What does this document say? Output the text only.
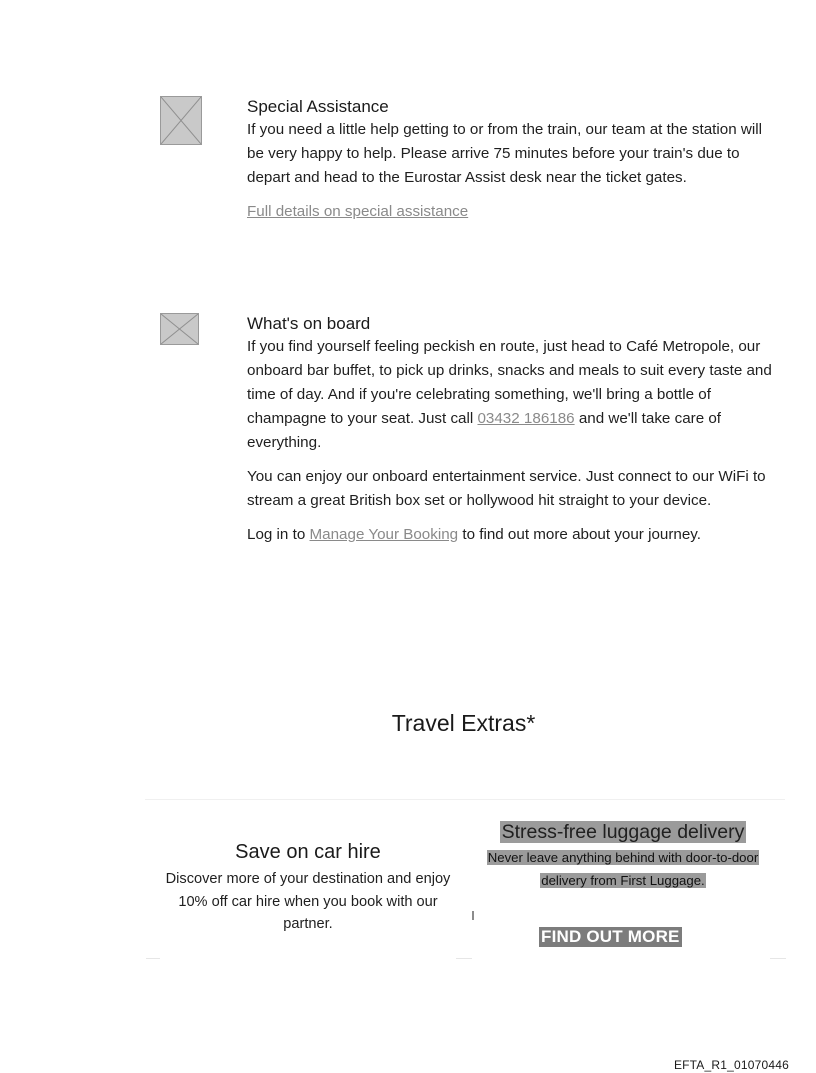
Special Assistance

If you need a little help getting to or from the train, our team at the station will be very happy to help. Please arrive 75 minutes before your train's due to depart and head to the Eurostar Assist desk near the ticket gates.

Full details on special assistance
What's on board

If you find yourself feeling peckish en route, just head to Café Metropole, our onboard bar buffet, to pick up drinks, snacks and meals to suit every taste and time of day. And if you're celebrating something, we'll bring a bottle of champagne to your seat. Just call 03432 186186 and we'll take care of everything.

You can enjoy our onboard entertainment service. Just connect to our WiFi to stream a great British box set or hollywood hit straight to your device.

Log in to Manage Your Booking to find out more about your journey.

Travel Extras*
Save on car hire
Discover more of your destination and enjoy 10% off car hire when you book with our partner.
Stress-free luggage delivery
Never leave anything behind with door-to-door delivery from First Luggage.
FIND OUT MORE
EFTA_R1_01070446
